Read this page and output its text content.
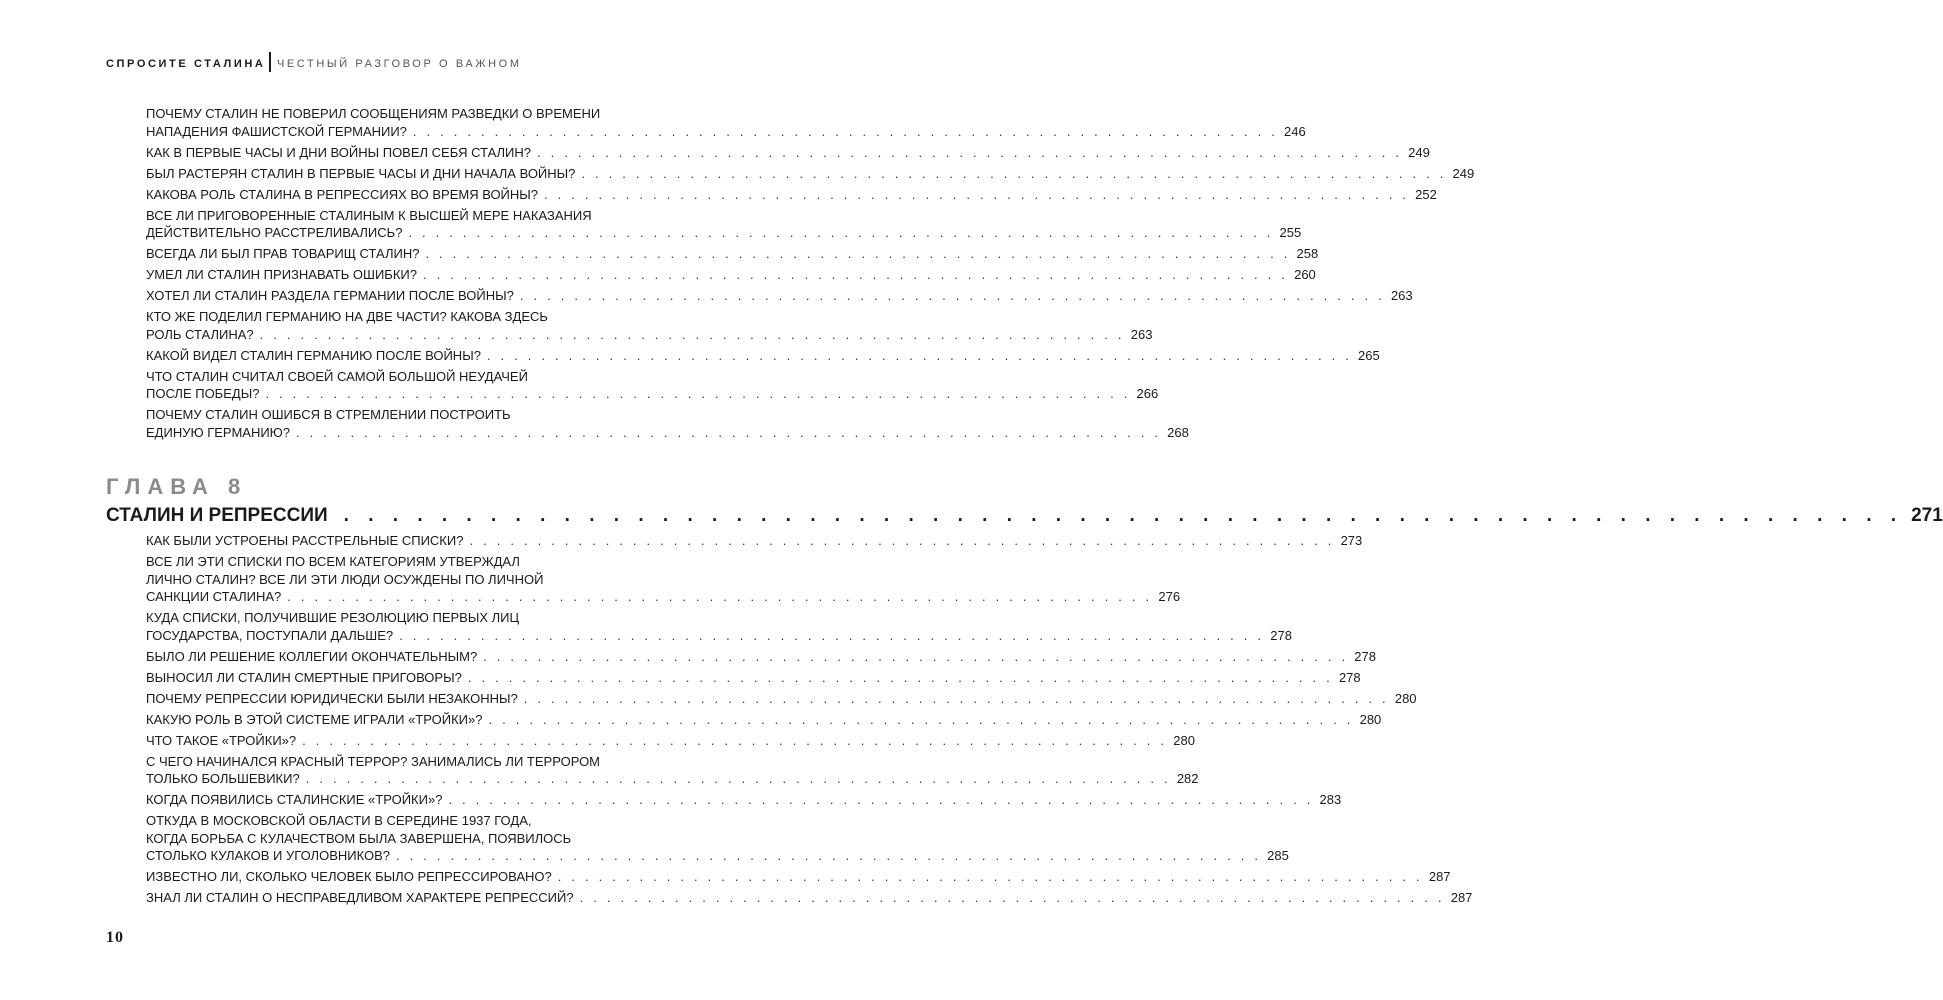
СПРОСИТЕ СТАЛИНА ЧЕСТНЫЙ РАЗГОВОР О ВАЖНОМ
ПОЧЕМУ СТАЛИН НЕ ПОВЕРИЛ СООБЩЕНИЯМ РАЗВЕДКИ О ВРЕМЕНИ
НАПАДЕНИЯ ФАШИСТСКОЙ ГЕРМАНИИ? . . . . . . . . . . . . . . . . . . . . . . . . . . . . . . . . . . . . . . . . . . . . . . . . . . . . . . . . . . . . . . . . 246
КАК В ПЕРВЫЕ ЧАСЫ И ДНИ ВОЙНЫ ПОВЕЛ СЕБЯ СТАЛИН? . . . . . . . . . . . . . . . . . . . . . . . . . . . . . . . . . . . . . . . . . . . . . . . . . . . . . . . . . . . . . . . . 249
БЫЛ РАСТЕРЯН СТАЛИН В ПЕРВЫЕ ЧАСЫ И ДНИ НАЧАЛА ВОЙНЫ? . . . . . . . . . . . . . . . . . . . . . . . . . . . . . . . . . . . . . . . . . . . . . . . . . . . . . . . . . . . . . . . . 249
КАКОВА РОЛЬ СТАЛИНА В РЕПРЕССИЯХ ВО ВРЕМЯ ВОЙНЫ? . . . . . . . . . . . . . . . . . . . . . . . . . . . . . . . . . . . . . . . . . . . . . . . . . . . . . . . . . . . . . . . . 252
ВСЕ ЛИ ПРИГОВОРЕННЫЕ СТАЛИНЫМ К ВЫСШЕЙ МЕРЕ НАКАЗАНИЯ
ДЕЙСТВИТЕЛЬНО РАССТРЕЛИВАЛИСЬ? . . . . . . . . . . . . . . . . . . . . . . . . . . . . . . . . . . . . . . . . . . . . . . . . . . . . . . . . . . . . . . . . 255
ВСЕГДА ЛИ БЫЛ ПРАВ ТОВАРИЩ СТАЛИН? . . . . . . . . . . . . . . . . . . . . . . . . . . . . . . . . . . . . . . . . . . . . . . . . . . . . . . . . . . . . . . . . 258
УМЕЛ ЛИ СТАЛИН ПРИЗНАВАТЬ ОШИБКИ? . . . . . . . . . . . . . . . . . . . . . . . . . . . . . . . . . . . . . . . . . . . . . . . . . . . . . . . . . . . . . . . . 260
ХОТЕЛ ЛИ СТАЛИН РАЗДЕЛА ГЕРМАНИИ ПОСЛЕ ВОЙНЫ? . . . . . . . . . . . . . . . . . . . . . . . . . . . . . . . . . . . . . . . . . . . . . . . . . . . . . . . . . . . . . . . . 263
КТО ЖЕ ПОДЕЛИЛ ГЕРМАНИЮ НА ДВЕ ЧАСТИ? КАКОВА ЗДЕСЬ
РОЛЬ СТАЛИНА? . . . . . . . . . . . . . . . . . . . . . . . . . . . . . . . . . . . . . . . . . . . . . . . . . . . . . . . . . . . . . . . . 263
КАКОЙ ВИДЕЛ СТАЛИН ГЕРМАНИЮ ПОСЛЕ ВОЙНЫ? . . . . . . . . . . . . . . . . . . . . . . . . . . . . . . . . . . . . . . . . . . . . . . . . . . . . . . . . . . . . . . . . 265
ЧТО СТАЛИН СЧИТАЛ СВОЕЙ САМОЙ БОЛЬШОЙ НЕУДАЧЕЙ
ПОСЛЕ ПОБЕДЫ? . . . . . . . . . . . . . . . . . . . . . . . . . . . . . . . . . . . . . . . . . . . . . . . . . . . . . . . . . . . . . . . . 266
ПОЧЕМУ СТАЛИН ОШИБСЯ В СТРЕМЛЕНИИ ПОСТРОИТЬ
ЕДИНУЮ ГЕРМАНИЮ? . . . . . . . . . . . . . . . . . . . . . . . . . . . . . . . . . . . . . . . . . . . . . . . . . . . . . . . . . . . . . . . . 268
ГЛАВА 8
СТАЛИН И РЕПРЕССИИ . . . . . . . . . . . . . . . . . . . . . . . . . . . . . . . . . . . . . . . . . . . . . . . . . . . . . . . . . . . . . . . . 271
КАК БЫЛИ УСТРОЕНЫ РАССТРЕЛЬНЫЕ СПИСКИ? . . . . . . . . . . . . . . . . . . . . . . . . . . . . . . . . . . . . . . . . . . . . . . . . . . . . . . . . . . . . . . . . 273
ВСЕ ЛИ ЭТИ СПИСКИ ПО ВСЕМ КАТЕГОРИЯМ УТВЕРЖДАЛ
ЛИЧНО СТАЛИН? ВСЕ ЛИ ЭТИ ЛЮДИ ОСУЖДЕНЫ ПО ЛИЧНОЙ
САНКЦИИ СТАЛИНА? . . . . . . . . . . . . . . . . . . . . . . . . . . . . . . . . . . . . . . . . . . . . . . . . . . . . . . . . . . . . . . . . 276
КУДА СПИСКИ, ПОЛУЧИВШИЕ РЕЗОЛЮЦИЮ ПЕРВЫХ ЛИЦ
ГОСУДАРСТВА, ПОСТУПАЛИ ДАЛЬШЕ? . . . . . . . . . . . . . . . . . . . . . . . . . . . . . . . . . . . . . . . . . . . . . . . . . . . . . . . . . . . . . . . . 278
БЫЛО ЛИ РЕШЕНИЕ КОЛЛЕГИИ ОКОНЧАТЕЛЬНЫМ? . . . . . . . . . . . . . . . . . . . . . . . . . . . . . . . . . . . . . . . . . . . . . . . . . . . . . . . . . . . . . . . . 278
ВЫНОСИЛ ЛИ СТАЛИН СМЕРТНЫЕ ПРИГОВОРЫ? . . . . . . . . . . . . . . . . . . . . . . . . . . . . . . . . . . . . . . . . . . . . . . . . . . . . . . . . . . . . . . . . 278
ПОЧЕМУ РЕПРЕССИИ ЮРИДИЧЕСКИ БЫЛИ НЕЗАКОННЫ? . . . . . . . . . . . . . . . . . . . . . . . . . . . . . . . . . . . . . . . . . . . . . . . . . . . . . . . . . . . . . . . . 280
КАКУЮ РОЛЬ В ЭТОЙ СИСТЕМЕ ИГРАЛИ «ТРОЙКИ»? . . . . . . . . . . . . . . . . . . . . . . . . . . . . . . . . . . . . . . . . . . . . . . . . . . . . . . . . . . . . . . . . 280
ЧТО ТАКОЕ «ТРОЙКИ»? . . . . . . . . . . . . . . . . . . . . . . . . . . . . . . . . . . . . . . . . . . . . . . . . . . . . . . . . . . . . . . . . 280
С ЧЕГО НАЧИНАЛСЯ КРАСНЫЙ ТЕРРОР? ЗАНИМАЛИСЬ ЛИ ТЕРРОРОМ
ТОЛЬКО БОЛЬШЕВИКИ? . . . . . . . . . . . . . . . . . . . . . . . . . . . . . . . . . . . . . . . . . . . . . . . . . . . . . . . . . . . . . . . . 282
КОГДА ПОЯВИЛИСЬ СТАЛИНСКИЕ «ТРОЙКИ»? . . . . . . . . . . . . . . . . . . . . . . . . . . . . . . . . . . . . . . . . . . . . . . . . . . . . . . . . . . . . . . . . 283
ОТКУДА В МОСКОВСКОЙ ОБЛАСТИ В СЕРЕДИНЕ 1937 ГОДА,
КОГДА БОРЬБА С КУЛАЧЕСТВОМ БЫЛА ЗАВЕРШЕНА, ПОЯВИЛОСЬ
СТОЛЬКО КУЛАКОВ И УГОЛОВНИКОВ? . . . . . . . . . . . . . . . . . . . . . . . . . . . . . . . . . . . . . . . . . . . . . . . . . . . . . . . . . . . . . . . . 285
ИЗВЕСТНО ЛИ, СКОЛЬКО ЧЕЛОВЕК БЫЛО РЕПРЕССИРОВАНО? . . . . . . . . . . . . . . . . . . . . . . . . . . . . . . . . . . . . . . . . . . . . . . . . . . . . . . . . . . . . . . . . 287
ЗНАЛ ЛИ СТАЛИН О НЕСПРАВЕДЛИВОМ ХАРАКТЕРЕ РЕПРЕССИЙ? . . . . . . . . . . . . . . . . . . . . . . . . . . . . . . . . . . . . . . . . . . . . . . . . . . . . . . . . . . . . . . . . 287
10
